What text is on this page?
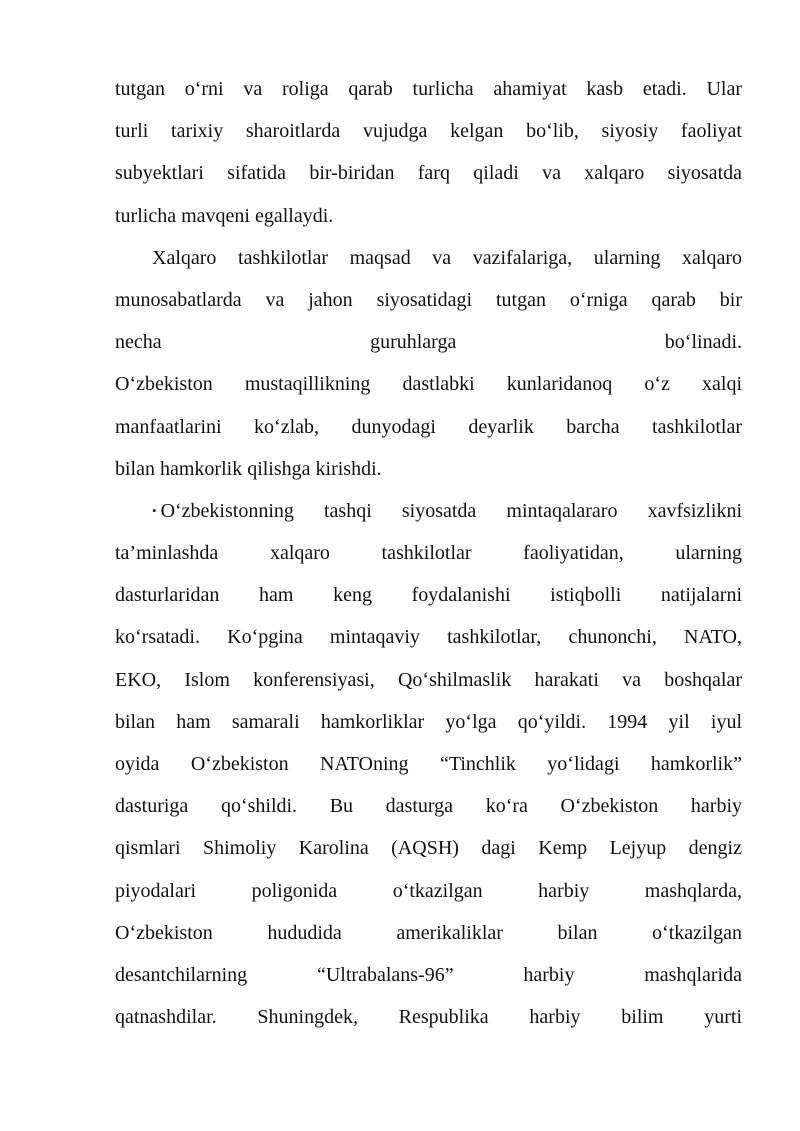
tutgan o‘rni va roliga qarab turlicha ahamiyat kasb etadi. Ular
turli tarixiy sharoitlarda vujudga kelgan bo‘lib, siyosiy faoliyat
subyektlari sifatida bir-biridan farq qiladi va xalqaro siyosatda
turlicha mavqeni egallaydi.
Xalqaro tashkilotlar maqsad va vazifalariga, ularning xalqaro
munosabatlarda va jahon siyosatidagi tutgan o‘rniga qarab bir
necha guruhlarga bo‘linadi.
O‘zbekiston mustaqillikning dastlabki kunlaridanoq o‘z xalqi
manfaatlarini ko‘zlab, dunyodagi deyarlik barcha tashkilotlar
bilan hamkorlik qilishga kirishdi.
• O‘zbekistonning tashqi siyosatda mintaqalararo xavfsizlikni
ta’minlashda xalqaro tashkilotlar faoliyatidan, ularning
dasturlaridan ham keng foydalanishi istiqbolli natijalarni
ko‘rsatadi. Ko‘pgina mintaqaviy tashkilotlar, chunonchi, NATO,
EKO, Islom konferensiyasi, Qo‘shilmaslik harakati va boshqalar
bilan ham samarali hamkorliklar yo‘lga qo‘yildi. 1994 yil iyul
oyida O‘zbekiston NATOning “Tinchlik yo‘lidagi hamkorlik”
dasturiga qo‘shildi. Bu dasturga ko‘ra O‘zbekiston harbiy
qismlari Shimoliy Karolina (AQSH) dagi Kemp Lejyup dengiz
piyodalari poligonida o‘tkazilgan harbiy mashqlarda,
O‘zbekiston hududida amerikaliklar bilan o‘tkazilgan
desantchilarning “Ultrabalans-96” harbiy mashqlarida
qatnashdilar. Shuningdek, Respublika harbiy bilim yurti
